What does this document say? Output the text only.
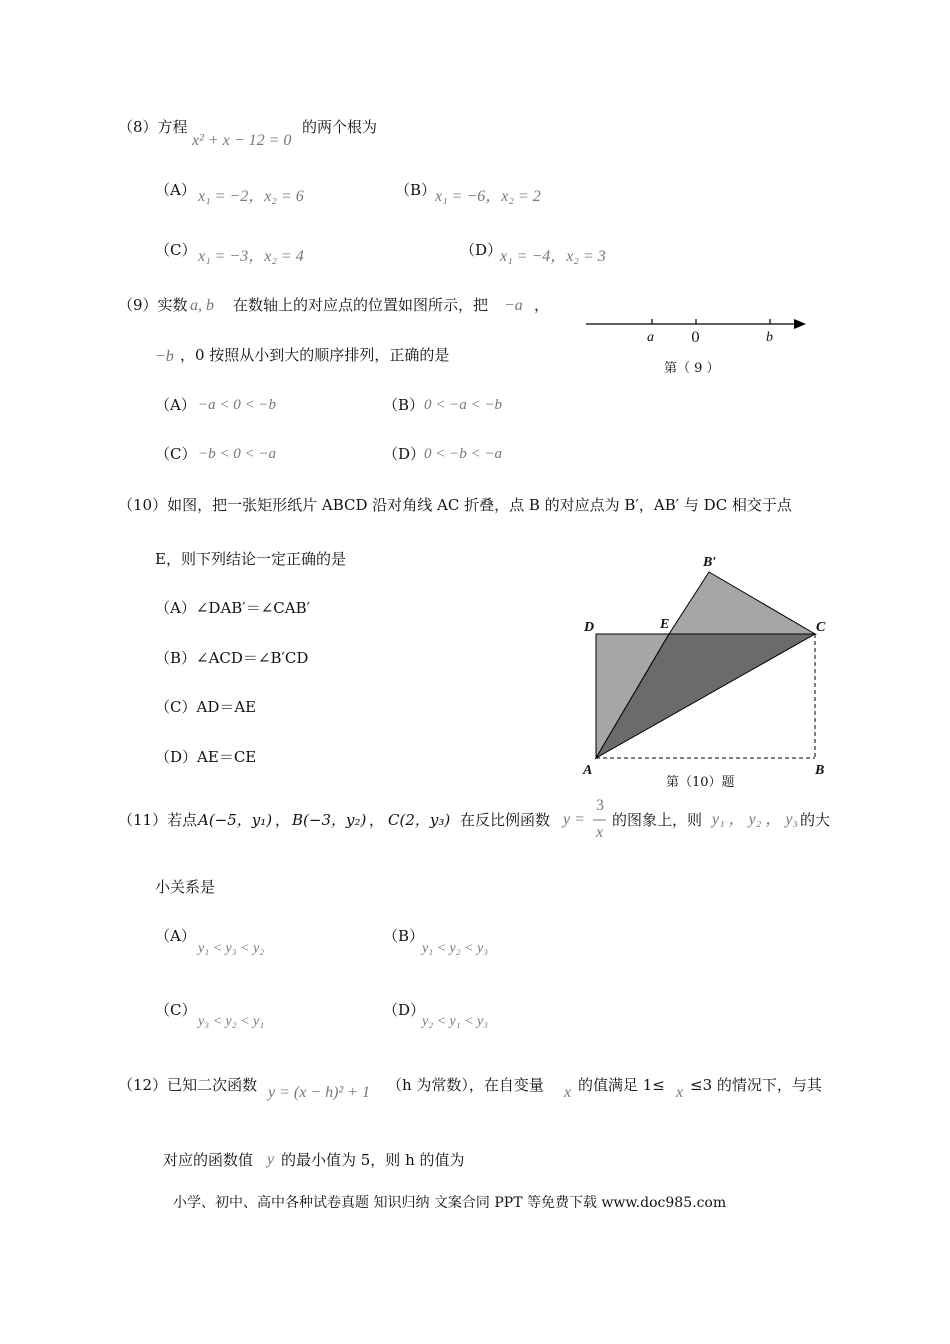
（8）方程
x² + x − 12 = 0
的两个根为
（A） x₁ = −2，x₂ = 6	（B）
x₁ = −6，x₂ = 2
（C） x₁ = −3，x₂ = 4	（D）
x₁ = −4，x₂ = 3
（9）实数 a, b 在数轴上的对应点的位置如图所示，把 −a ，
−b ，0 按照从小到大的顺序排列，正确的是
a	0	b
第（ 9 ）
（A） −a < 0 < −b	（B） 0 < −a < −b
（C） −b < 0 < −a	（D）
0 < −b < −a
（10）如图，把一张矩形纸片 ABCD 沿对角线 AC 折叠，点 B 的对应点为 B′，AB′ 与 DC 相交于点
E，则下列结论一定正确的是
（A）∠DAB′＝∠CAB′
（B）∠ACD＝∠B′CD
（C）AD＝AE
（D）AE＝CE
B′
D	E	C
A	B
第（10）题
（11）若点 A(−5，y₁) ， B(−3，y₂) ， C(2，y₃) 在反比例函数 y =
3
x
的图象上，则 y₁ ， y₂ ， y₃ 的大
小关系是
（A）
y₁ < y₃ < y₂
（B）
y₁ < y₂ < y₃
（C）
y₃ < y₂ < y₁
（D）
y₂ < y₁ < y₃
（12）已知二次函数 y = (x − h)² + 1 （h 为常数），在自变量 x 的值满足 1≤ x ≤3 的情况下，与其
对应的函数值 y 的最小值为 5，则 h 的值为
小学、初中、高中各种试卷真题 知识归纳 文案合同 PPT 等免费下载 www.doc985.com
